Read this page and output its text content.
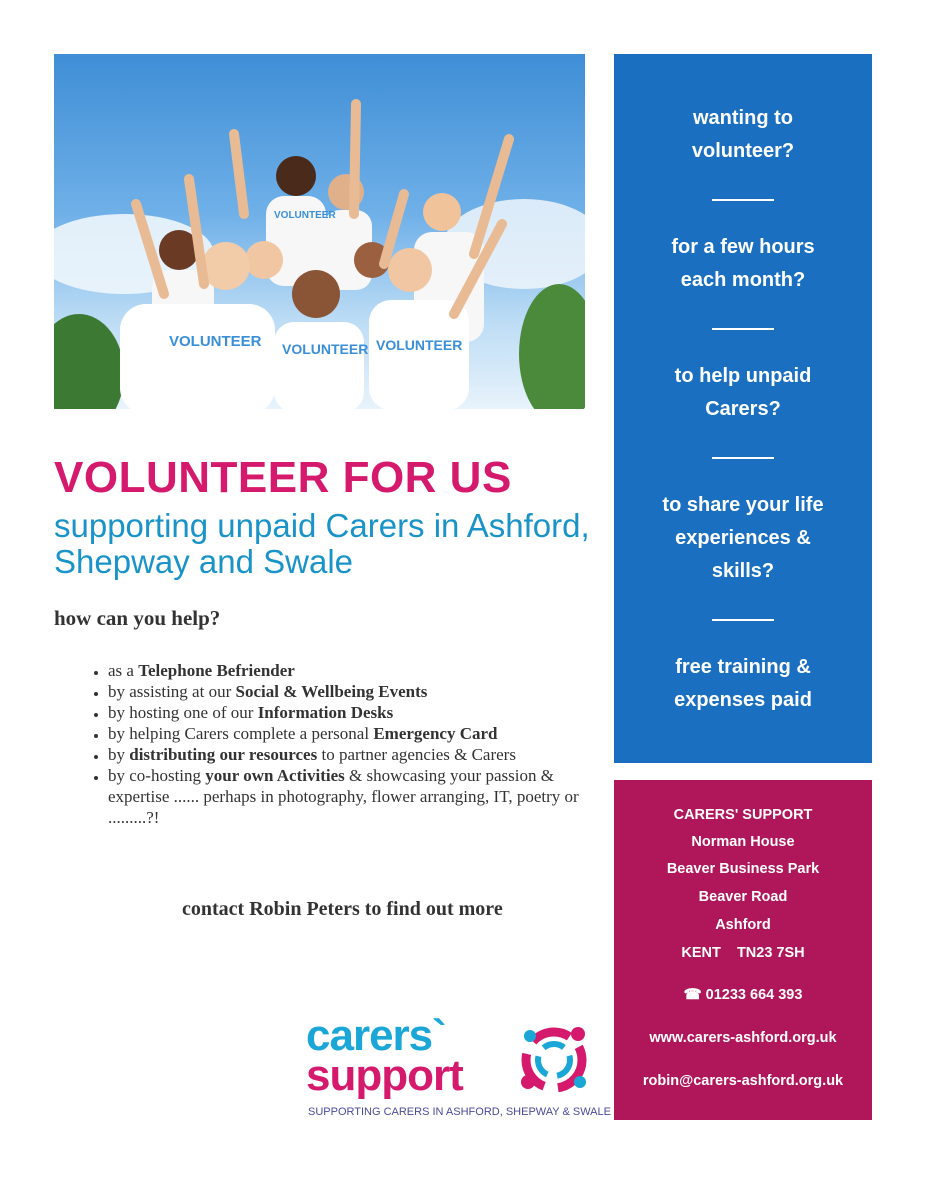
VOLUNTEER VOLUNTEER VOLUNTEER
VOLUNTEER
VOLUNTEER FOR US

supporting unpaid Carers in Ashford, Shepway and Swale

how can you help?

• as a Telephone Befriender
• by assisting at our Social & Wellbeing Events
• by hosting one of our Information Desks
• by helping Carers complete a personal Emergency Card
• by distributing our resources to partner agencies & Carers
• by co-hosting your own Activities & showcasing your passion & expertise ...... perhaps in photography, flower arranging, IT, poetry or .........?!

contact Robin Peters to find out more

carers`
support
SUPPORTING CARERS IN ASHFORD, SHEPWAY & SWALE
wanting to
volunteer?
for a few hours
each month?
to help unpaid
Carers?
to share your life
experiences &
skills?
free training &
expenses paid
CARERS' SUPPORT
Norman House
Beaver Business Park
Beaver Road
Ashford
KENT    TN23 7SH
☎ 01233 664 393
www.carers-ashford.org.uk
robin@carers-ashford.org.uk
